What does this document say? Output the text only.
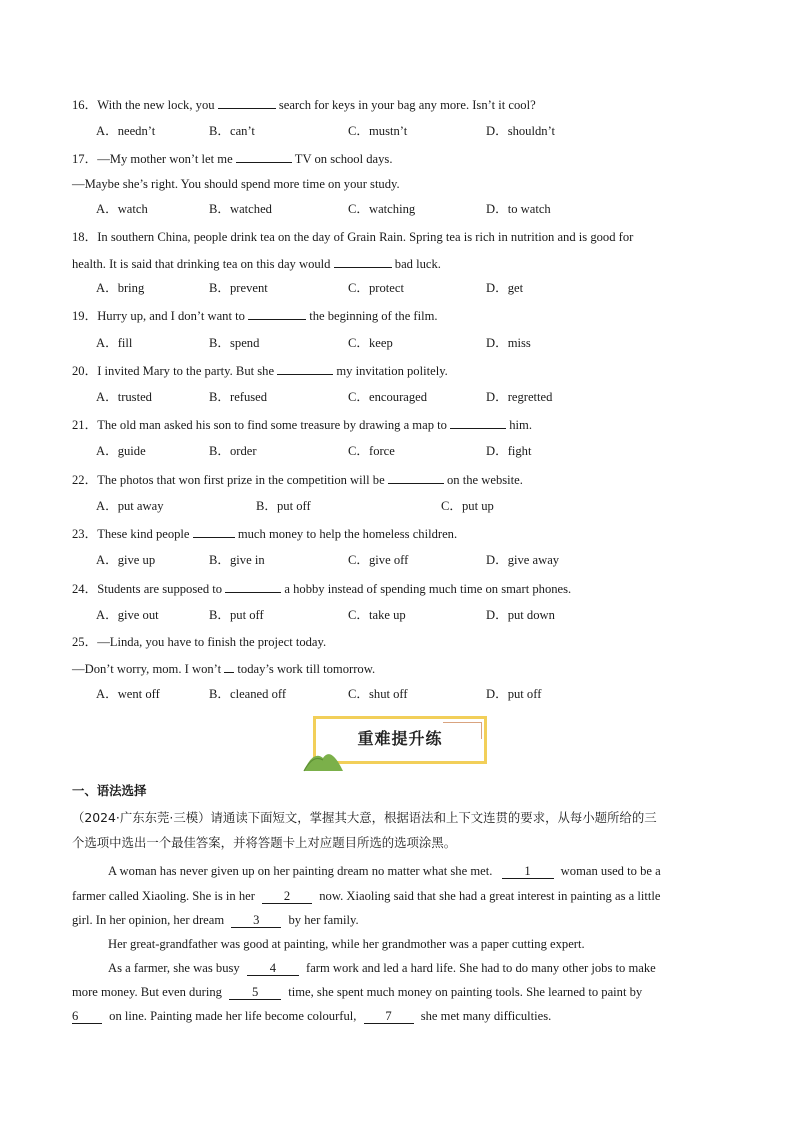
16．With the new lock, you	search for keys in your bag any more. Isn’t it cool?
A．needn’t	B．can’t	C．mustn’t	D．shouldn’t
17．—My mother won’t let me	TV on school days.
—Maybe she’s right. You should spend more time on your study.
A．watch	B．watched	C．watching	D．to watch
18．In southern China, people drink tea on the day of Grain Rain. Spring tea is rich in nutrition and is good for
health. It is said that drinking tea on this day would	bad luck.
A．bring	B．prevent	C．protect	D．get
19．Hurry up, and I don’t want to	the beginning of the film.
A．fill	B．spend	C．keep	D．miss
20．I invited Mary to the party. But she	my invitation politely.
A．trusted	B．refused	C．encouraged	D．regretted
21．The old man asked his son to find some treasure by drawing a map to	him.
A．guide	B．order	C．force	D．fight
22．The photos that won first prize in the competition will be	on the website.
A．put away	B．put off	C．put up
23．These kind people	much money to help the homeless children.
A．give up	B．give in	C．give off	D．give away
24．Students are supposed to	a hobby instead of spending much time on smart phones.
A．give out	B．put off	C．take up	D．put down
25．—Linda, you have to finish the project today.
—Don’t worry, mom. I won’t  today’s work till tomorrow.
A．went off	B．cleaned off	C．shut off	D．put off
重难提升练
一、语法选择
（2024·广东东莞·三模）请通读下面短文，掌握其大意，根据语法和上下文连贯的要求，从每小题所给的三
个选项中选出一个最佳答案，并将答题卡上对应题目所选的选项涂黑。
A woman has never given up on her painting dream no matter what she met.	1 woman used to be a
farmer called Xiaoling. She is in her 2 now. Xiaoling said that she had a great interest in painting as a little
girl. In her opinion, her dream 3 by her family.
Her great-grandfather was good at painting, while her grandmother was a paper cutting expert.
As a farmer, she was busy 4 farm work and led a hard life. She had to do many other jobs to make
more money. But even during 5 time, she spent much money on painting tools. She learned to paint by
6 on line. Painting made her life become colourful, 7 she met many difficulties.
